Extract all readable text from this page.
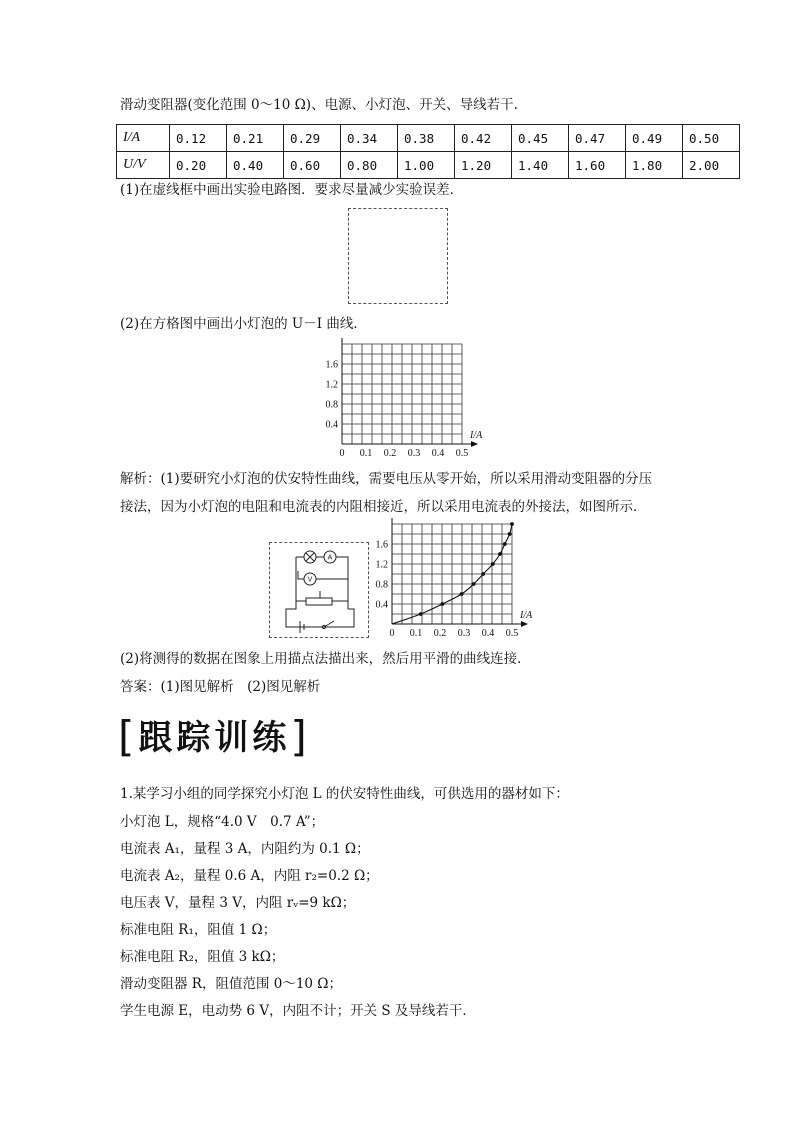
滑动变阻器(变化范围 0～10 Ω)、电源、小灯泡、开关、导线若干.
I/A	0.12	0.21	0.29	0.34	0.38	0.42	0.45	0.47	0.49	0.50
U/V	0.20	0.40	0.60	0.80	1.00	1.20	1.40	1.60	1.80	2.00
(1)在虚线框中画出实验电路图．要求尽量减少实验误差．
(2)在方格图中画出小灯泡的 U－I 曲线．
0 0.1 0.2 0.3 0.4 0.5
0.4
0.8
1.2
1.6
I/A
解析：(1)要研究小灯泡的伏安特性曲线，需要电压从零开始，所以采用滑动变阻器的分压
接法，因为小灯泡的电阻和电流表的内阻相接近，所以采用电流表的外接法，如图所示．
A
V
0 0.1 0.2 0.3 0.4 0.5
0.4
0.8
1.2
1.6
I/A
(2)将测得的数据在图象上用描点法描出来，然后用平滑的曲线连接．
答案：(1)图见解析　(2)图见解析
[跟踪训练]
1.某学习小组的同学探究小灯泡 L 的伏安特性曲线，可供选用的器材如下：
小灯泡 L，规格“4.0 V　0.7 A”；
电流表 A₁，量程 3 A，内阻约为 0.1 Ω；
电流表 A₂，量程 0.6 A，内阻 r₂=0.2 Ω；
电压表 V，量程 3 V，内阻 rᵥ=9 kΩ；
标准电阻 R₁，阻值 1 Ω；
标准电阻 R₂，阻值 3 kΩ；
滑动变阻器 R，阻值范围 0～10 Ω；
学生电源 E，电动势 6 V，内阻不计；开关 S 及导线若干．
